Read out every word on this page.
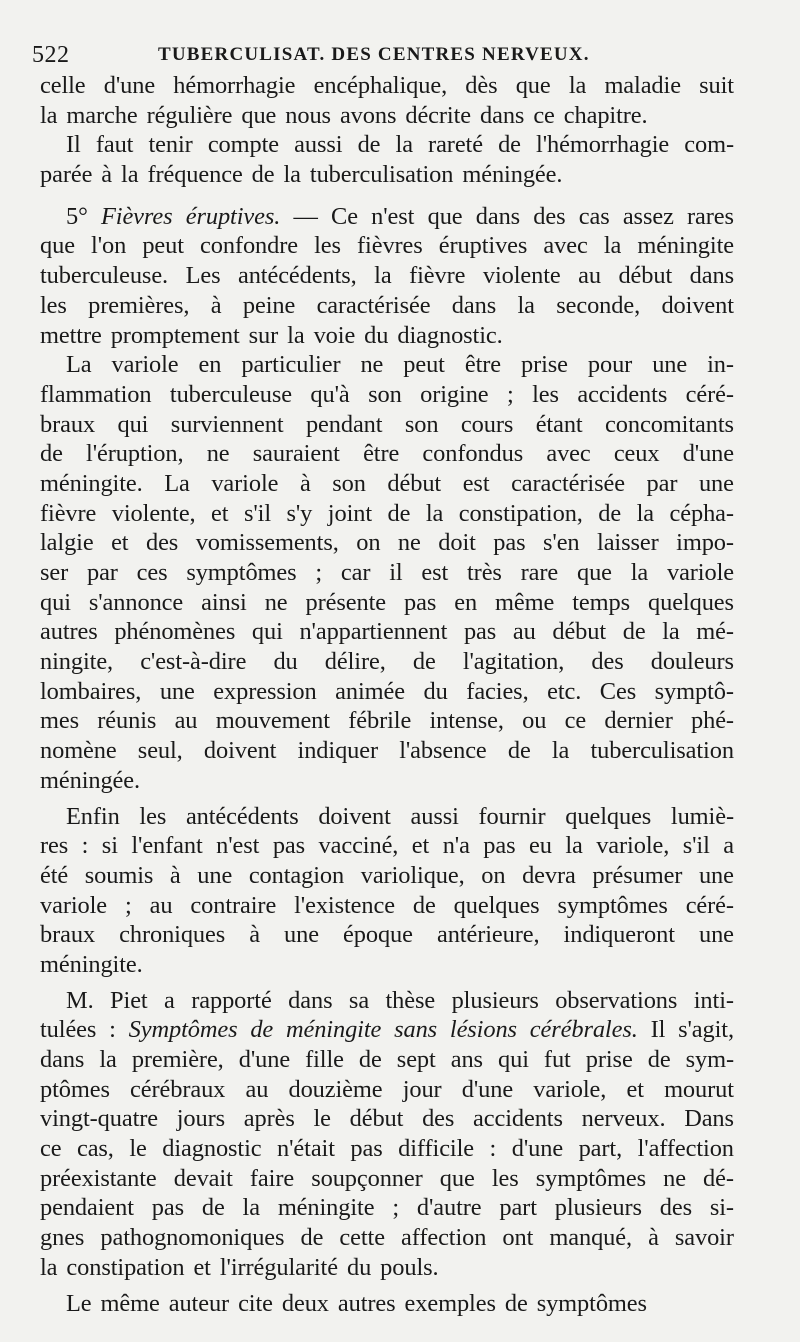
522	TUBERCULISAT. DES CENTRES NERVEUX.
celle d'une hémorrhagie encéphalique, dès que la maladie suit
la marche régulière que nous avons décrite dans ce chapitre.
Il faut tenir compte aussi de la rareté de l'hémorrhagie com-
parée à la fréquence de la tuberculisation méningée.
5° Fièvres éruptives. — Ce n'est que dans des cas assez rares
que l'on peut confondre les fièvres éruptives avec la méningite
tuberculeuse. Les antécédents, la fièvre violente au début dans
les premières, à peine caractérisée dans la seconde, doivent
mettre promptement sur la voie du diagnostic.
La variole en particulier ne peut être prise pour une in-
flammation tuberculeuse qu'à son origine ; les accidents céré-
braux qui surviennent pendant son cours étant concomitants
de l'éruption, ne sauraient être confondus avec ceux d'une
méningite. La variole à son début est caractérisée par une
fièvre violente, et s'il s'y joint de la constipation, de la cépha-
lalgie et des vomissements, on ne doit pas s'en laisser impo-
ser par ces symptômes ; car il est très rare que la variole
qui s'annonce ainsi ne présente pas en même temps quelques
autres phénomènes qui n'appartiennent pas au début de la mé-
ningite, c'est-à-dire du délire, de l'agitation, des douleurs
lombaires, une expression animée du facies, etc. Ces symptô-
mes réunis au mouvement fébrile intense, ou ce dernier phé-
nomène seul, doivent indiquer l'absence de la tuberculisation
méningée.
Enfin les antécédents doivent aussi fournir quelques lumiè-
res : si l'enfant n'est pas vacciné, et n'a pas eu la variole, s'il a
été soumis à une contagion variolique, on devra présumer une
variole ; au contraire l'existence de quelques symptômes céré-
braux chroniques à une époque antérieure, indiqueront une
méningite.
M. Piet a rapporté dans sa thèse plusieurs observations inti-
tulées : Symptômes de méningite sans lésions cérébrales. Il s'agit,
dans la première, d'une fille de sept ans qui fut prise de sym-
ptômes cérébraux au douzième jour d'une variole, et mourut
vingt-quatre jours après le début des accidents nerveux. Dans
ce cas, le diagnostic n'était pas difficile : d'une part, l'affection
préexistante devait faire soupçonner que les symptômes ne dé-
pendaient pas de la méningite ; d'autre part plusieurs des si-
gnes pathognomoniques de cette affection ont manqué, à savoir
la constipation et l'irrégularité du pouls.
Le même auteur cite deux autres exemples de symptômes
